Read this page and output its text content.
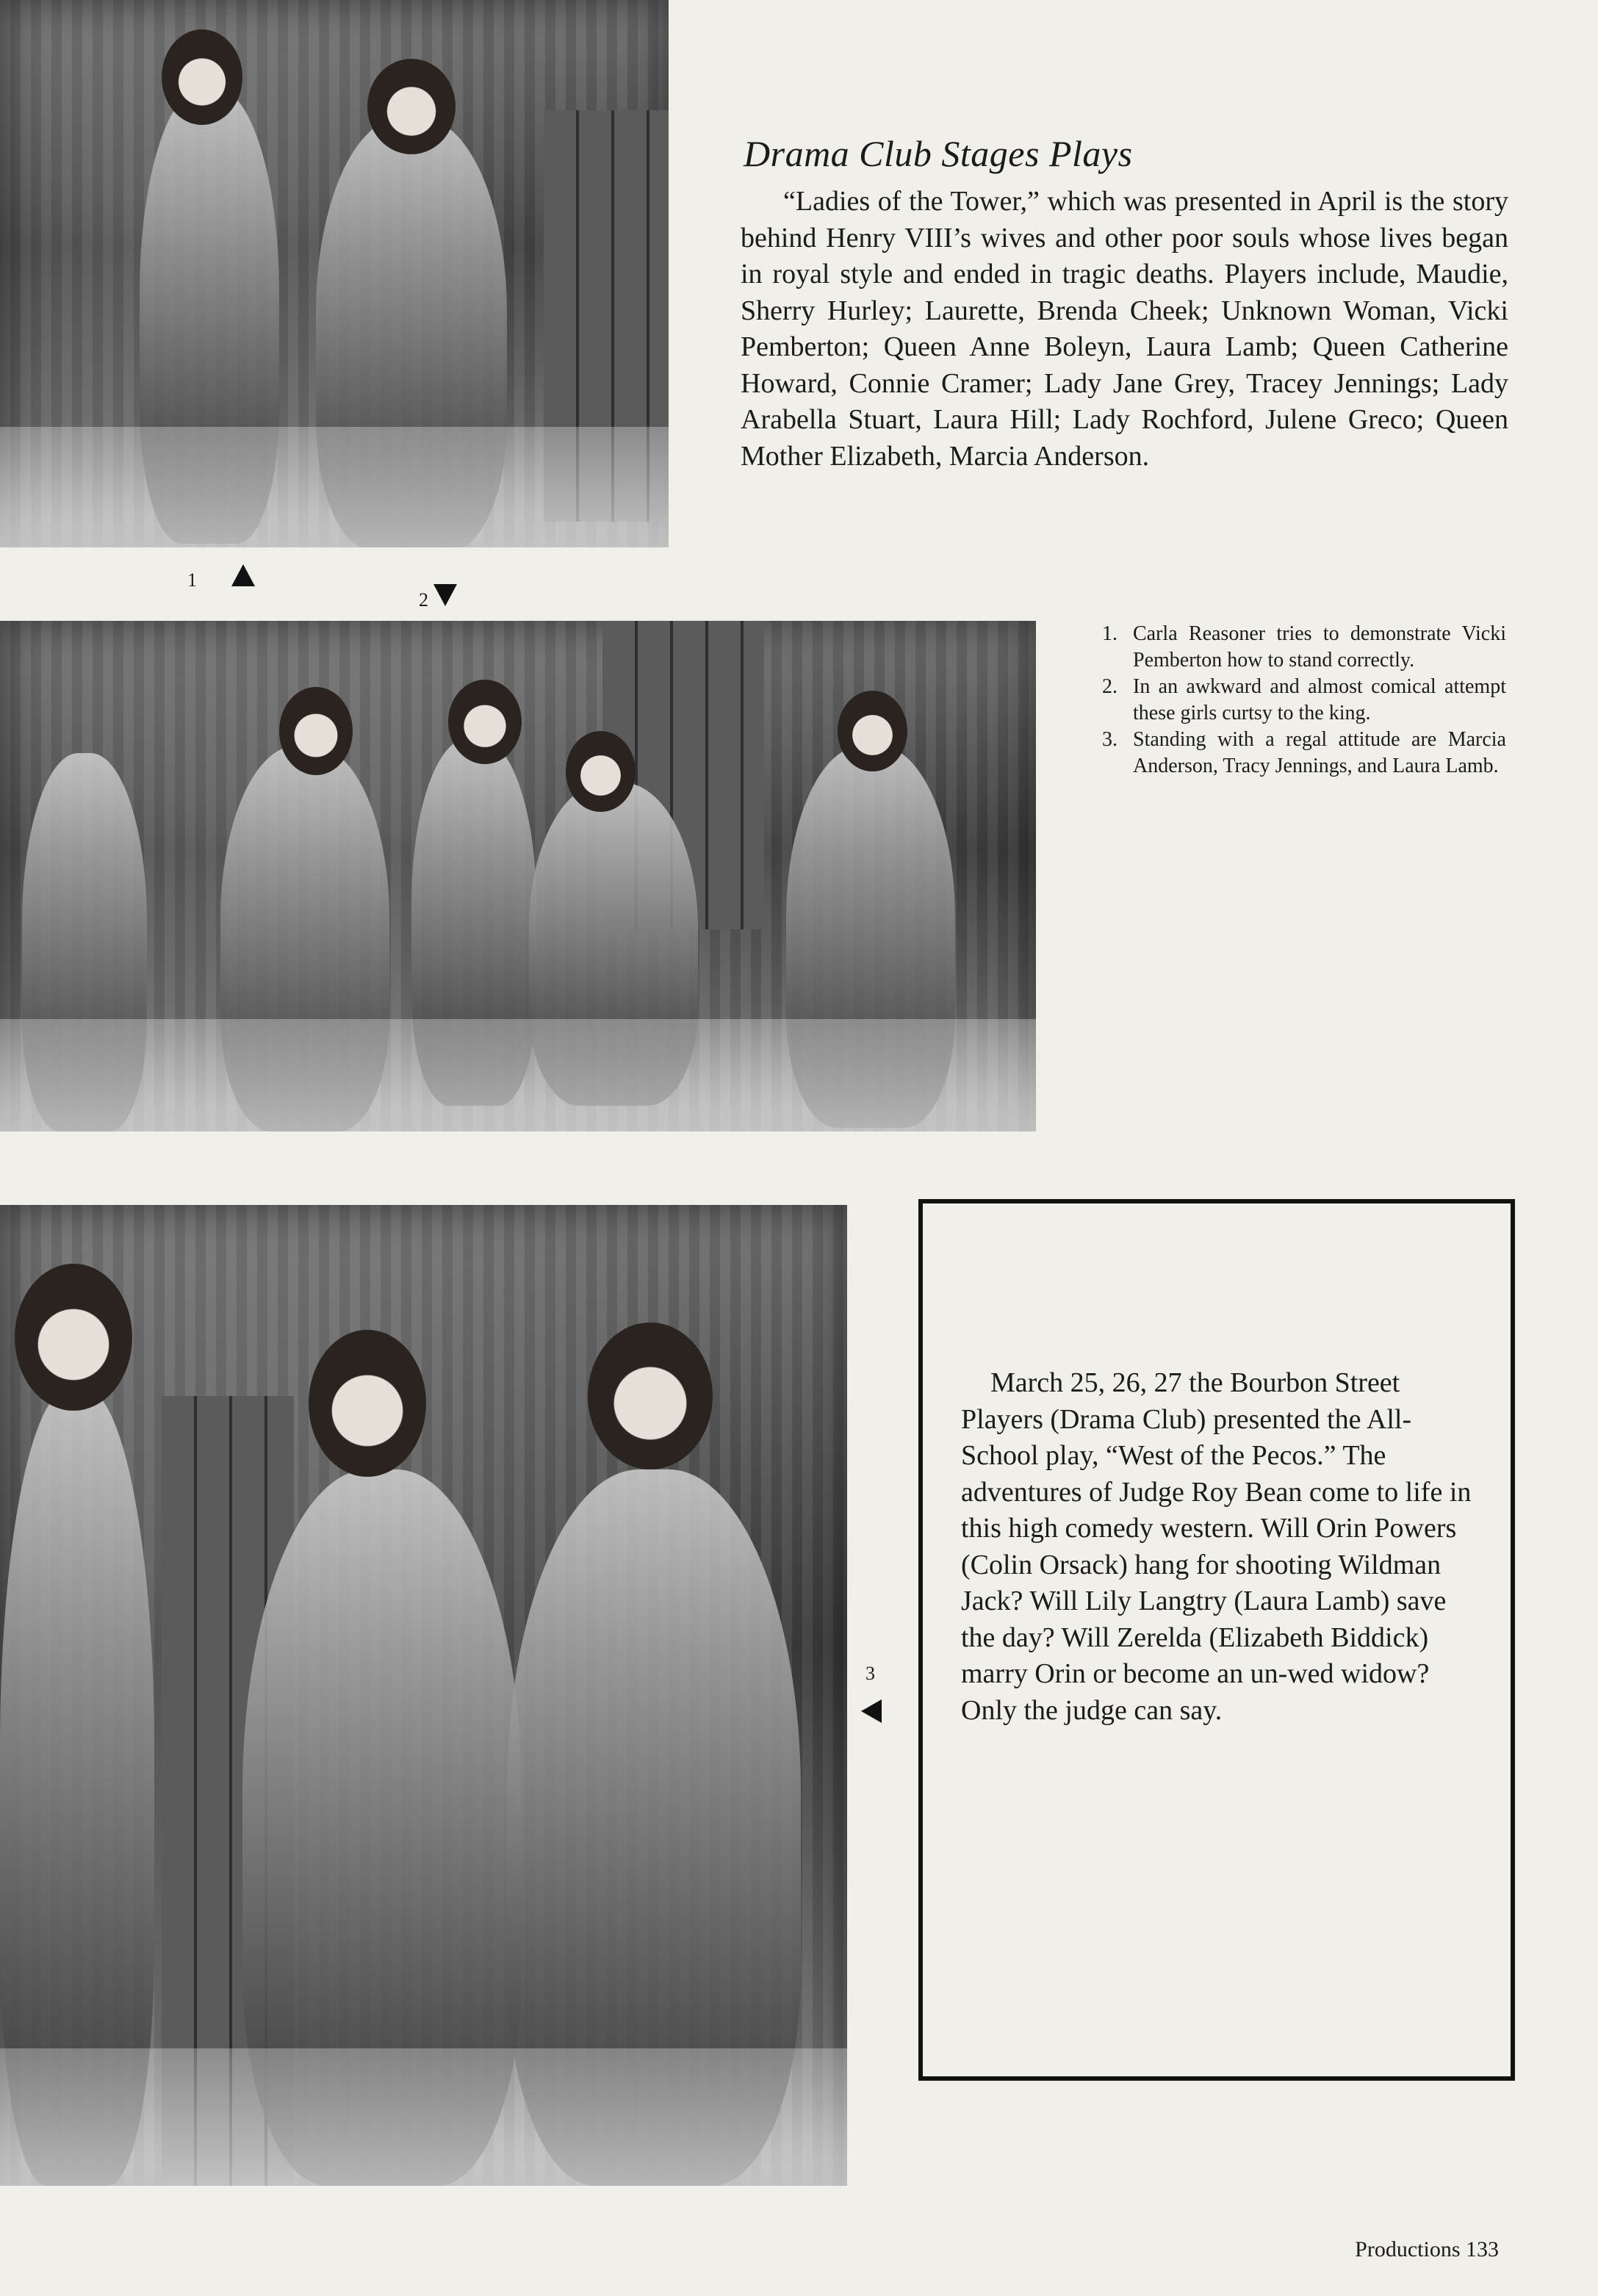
1
2
Drama Club Stages Plays

“Ladies of the Tower,” which was presented in April is the story behind Henry VIII’s wives and other poor souls whose lives began in royal style and ended in tragic deaths. Players include, Maudie, Sherry Hurley; Laurette, Brenda Cheek; Unknown Woman, Vicki Pemberton; Queen Anne Boleyn, Laura Lamb; Queen Catherine Howard, Connie Cramer; Lady Jane Grey, Tracey Jennings; Lady Arabella Stuart, Laura Hill; Lady Rochford, Julene Greco; Queen Mother Elizabeth, Marcia Anderson.

1. Carla Reasoner tries to demonstrate Vicki Pemberton how to stand correctly.
2. In an awkward and almost comical attempt these girls curtsy to the king.
3. Standing with a regal attitude are Marcia Anderson, Tracy Jennings, and Laura Lamb.
3

March 25, 26, 27 the Bourbon Street Players (Drama Club) presented the All-School play, “West of the Pecos.” The adventures of Judge Roy Bean come to life in this high comedy western. Will Orin Powers (Colin Orsack) hang for shooting Wildman Jack? Will Lily Langtry (Laura Lamb) save the day? Will Zerelda (Elizabeth Biddick) marry Orin or become an un-wed widow? Only the judge can say.

Productions 133
